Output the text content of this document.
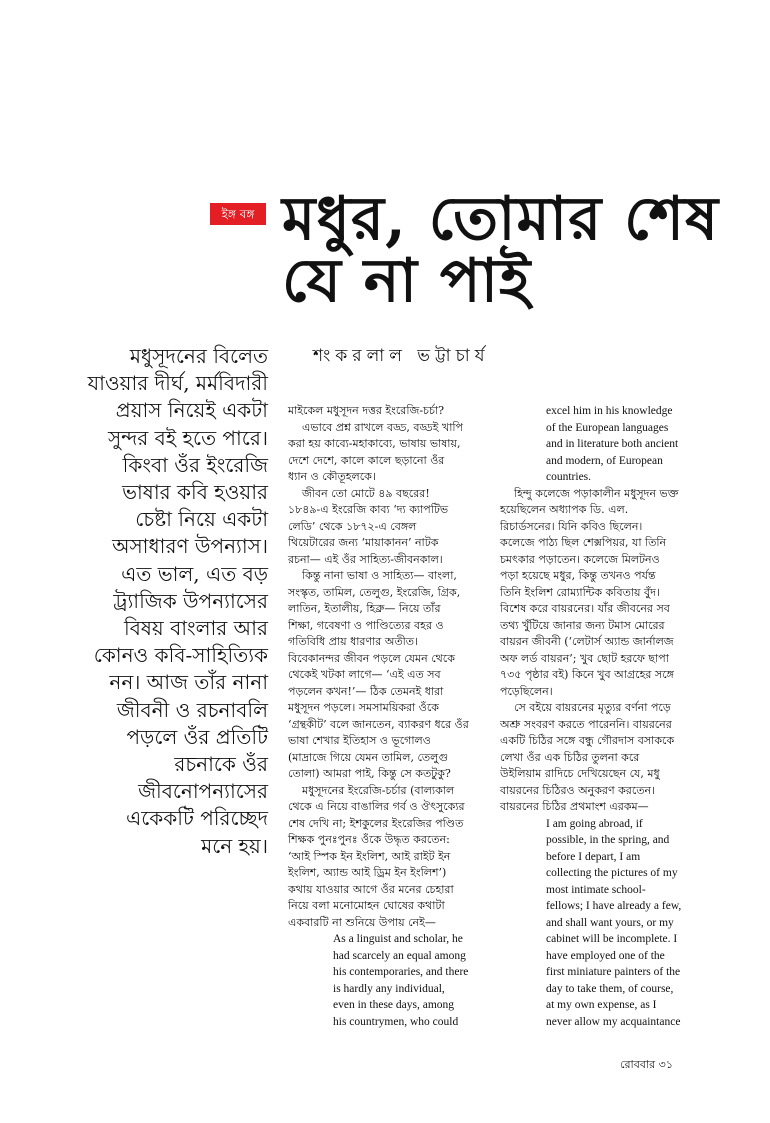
ইঙ্গ বঙ্গ মধুর, তোমার শেষ
যে না পাই
শংকরলাল ভট্টাচার্য
মধুসূদনের বিলেত
যাওয়ার দীর্ঘ, মর্মবিদারী
প্রয়াস নিয়েই একটা
সুন্দর বই হতে পারে।
কিংবা ওঁর ইংরেজি
ভাষার কবি হওয়ার
চেষ্টা নিয়ে একটা
অসাধারণ উপন্যাস।
এত ভাল, এত বড়
ট্র্যাজিক উপন্যাসের
বিষয় বাংলার আর
কোনও কবি-সাহিত্যিক
নন। আজ তাঁর নানা
জীবনী ও রচনাবলি
পড়লে ওঁর প্রতিটি
রচনাকে ওঁর
জীবনোপন্যাসের
একেকটি পরিচ্ছেদ
মনে হয়।
মাইকেল মধুসূদন দত্তর ইংরেজি-চর্চা?
এভাবে প্রশ্ন রাখলে বড্ড, বড্ডই খাপি
করা হয় কাব্যে-মহাকাব্যে, ভাষায় ভাষায়,
দেশে দেশে, কালে কালে ছড়ানো ওঁর
ধ্যান ও কৌতূহলকে।
জীবন তো মোটে ৪৯ বছরের!
১৮৪৯-এ ইংরেজি কাব্য ‘দ্য ক্যাপটিভ
লেডি’ থেকে ১৮৭২-এ বেঙ্গল
থিয়েটারের জন্য ‘মায়াকানন’ নাটক
রচনা— এই ওঁর সাহিত্য-জীবনকাল।
কিন্তু নানা ভাষা ও সাহিত্য— বাংলা,
সংস্কৃত, তামিল, তেলুগু, ইংরেজি, গ্রিক,
লাতিন, ইতালীয়, হিব্রু— নিয়ে তাঁর
শিক্ষা, গবেষণা ও পাণ্ডিত্যের বহর ও
গতিবিধি প্রায় ধারণার অতীত।
বিবেকানন্দর জীবন পড়লে যেমন থেকে
থেকেই খটকা লাগে— ‘এই এত সব
পড়লেন কখন!’— ঠিক তেমনই ধারা
মধুসূদন পড়লে। সমসাময়িকরা ওঁকে
‘গ্রন্থকীট’ বলে জানতেন, ব্যাকরণ ধরে ওঁর
ভাষা শেখার ইতিহাস ও ভূগোলও
(মাদ্রাজে গিয়ে যেমন তামিল, তেলুগু
তোলা) আমরা পাই, কিন্তু সে কতটুকু?
মধুসূদনের ইংরেজি-চর্চার (বাল্যকাল
থেকে এ নিয়ে বাঙালির গর্ব ও ঔৎসুক্যের
শেষ দেখি না; ইশকুলের ইংরেজির পণ্ডিত
শিক্ষক পুনঃপুনঃ ওঁকে উদ্ধৃত করতেন:
‘আই স্পিক ইন ইংলিশ, আই রাইট ইন
ইংলিশ, অ্যান্ড আই ড্রিম ইন ইংলিশ’)
কথায় যাওয়ার আগে ওঁর মনের চেহারা
নিয়ে বলা মনোমোহন ঘোষের কথাটা
একবারটি না শুনিয়ে উপায় নেই—
As a linguist and scholar, he
had scarcely an equal among
his contemporaries, and there
is hardly any individual,
even in these days, among
his countrymen, who could
excel him in his knowledge
of the European languages
and in literature both ancient
and modern, of European
countries.
হিন্দু কলেজে পড়াকালীন মধুসূদন ভক্ত
হয়েছিলেন অধ্যাপক ডি. এল.
রিচার্ডসনের। যিনি কবিও ছিলেন।
কলেজে পাঠ্য ছিল শেক্সপিয়র, যা তিনি
চমৎকার পড়াতেন। কলেজে মিলটনও
পড়া হয়েছে মধুর, কিন্তু তখনও পর্যন্ত
তিনি ইংলিশ রোম্যান্টিক কবিতায় বুঁদ।
বিশেষ করে বায়রনের। যাঁর জীবনের সব
তথ্য খুঁটিয়ে জানার জন্য টমাস মোরের
বায়রন জীবনী (‘লেটার্স অ্যান্ড জার্নালজ
অফ লর্ড বায়রন’; খুব ছোট হরফে ছাপা
৭৩৫ পৃষ্ঠার বই) কিনে খুব আগ্রহের সঙ্গে
পড়েছিলেন।
সে বইয়ে বায়রনের মৃত্যুর বর্ণনা পড়ে
অশ্রু সংবরণ করতে পারেননি। বায়রনের
একটি চিঠির সঙ্গে বন্ধু গৌরদাস বসাককে
লেখা ওঁর এক চিঠির তুলনা করে
উইলিয়াম রাদিচে দেখিয়েছেন যে, মধু
বায়রনের চিঠিরও অনুকরণ করতেন।
বায়রনের চিঠির প্রথমাংশ এরকম—
I am going abroad, if
possible, in the spring, and
before I depart, I am
collecting the pictures of my
most intimate school-
fellows; I have already a few,
and shall want yours, or my
cabinet will be incomplete. I
have employed one of the
first miniature painters of the
day to take them, of course,
at my own expense, as I
never allow my acquaintance
রোববার ৩১
